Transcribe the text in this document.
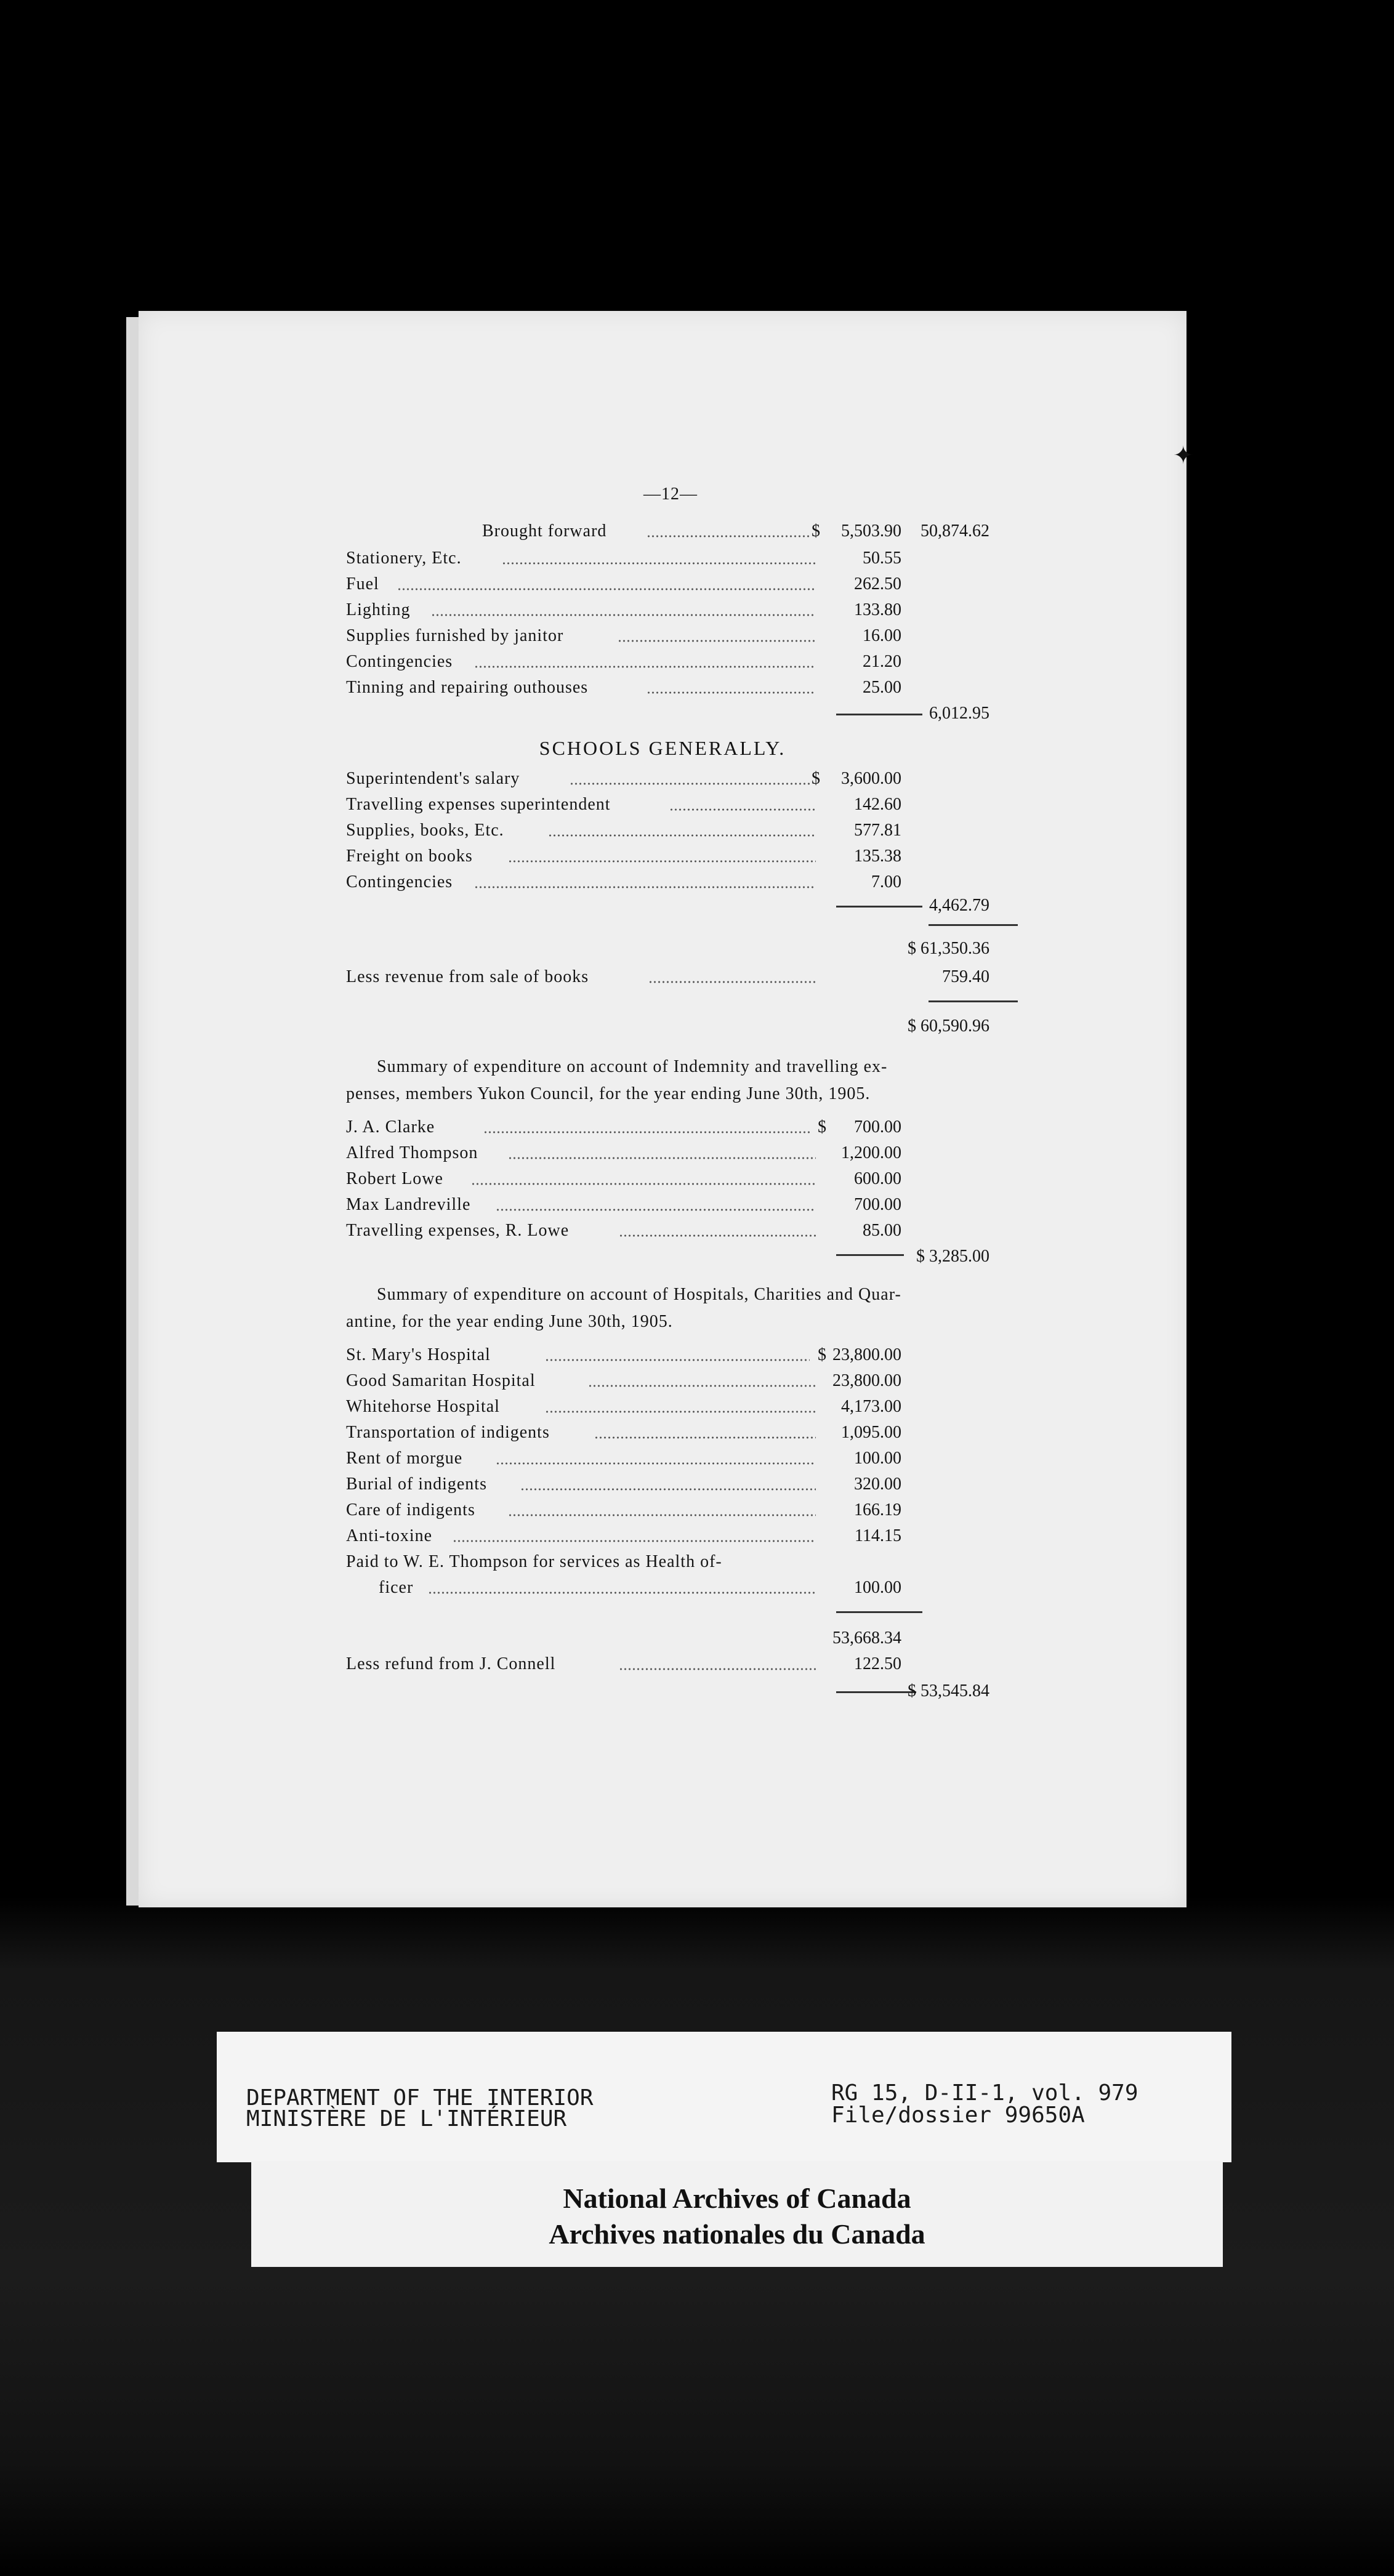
✦
—12—
Brought forward	$ 5,503.90 50,874.62
Stationery, Etc.	50.55
Fuel	262.50
Lighting	133.80
Supplies furnished by janitor	16.00
Contingencies	21.20
Tinning and repairing outhouses	25.00
6,012.95
SCHOOLS GENERALLY.
Superintendent's salary	$ 3,600.00
Travelling expenses superintendent	142.60
Supplies, books, Etc.	577.81
Freight on books	135.38
Contingencies	7.00
4,462.79
$ 61,350.36
Less revenue from sale of books	759.40
$ 60,590.96
Summary of expenditure on account of Indemnity and travelling ex-
penses, members Yukon Council, for the year ending June 30th, 1905.
J. A. Clarke	$ 700.00
Alfred Thompson	1,200.00
Robert Lowe	600.00
Max Landreville	700.00
Travelling expenses, R. Lowe	85.00
$ 3,285.00
Summary of expenditure on account of Hospitals, Charities and Quar-
antine, for the year ending June 30th, 1905.
St. Mary's Hospital	$ 23,800.00
Good Samaritan Hospital	23,800.00
Whitehorse Hospital	4,173.00
Transportation of indigents	1,095.00
Rent of morgue	100.00
Burial of indigents	320.00
Care of indigents	166.19
Anti-toxine	114.15
Paid to W. E. Thompson for services as Health of-
ficer	100.00
53,668.34
Less refund from J. Connell	122.50
$ 53,545.84
DEPARTMENT OF THE INTERIOR
MINISTÈRE DE L'INTÉRIEUR
RG 15, D-II-1, vol. 979
File/dossier 99650A
National Archives of Canada
Archives nationales du Canada
